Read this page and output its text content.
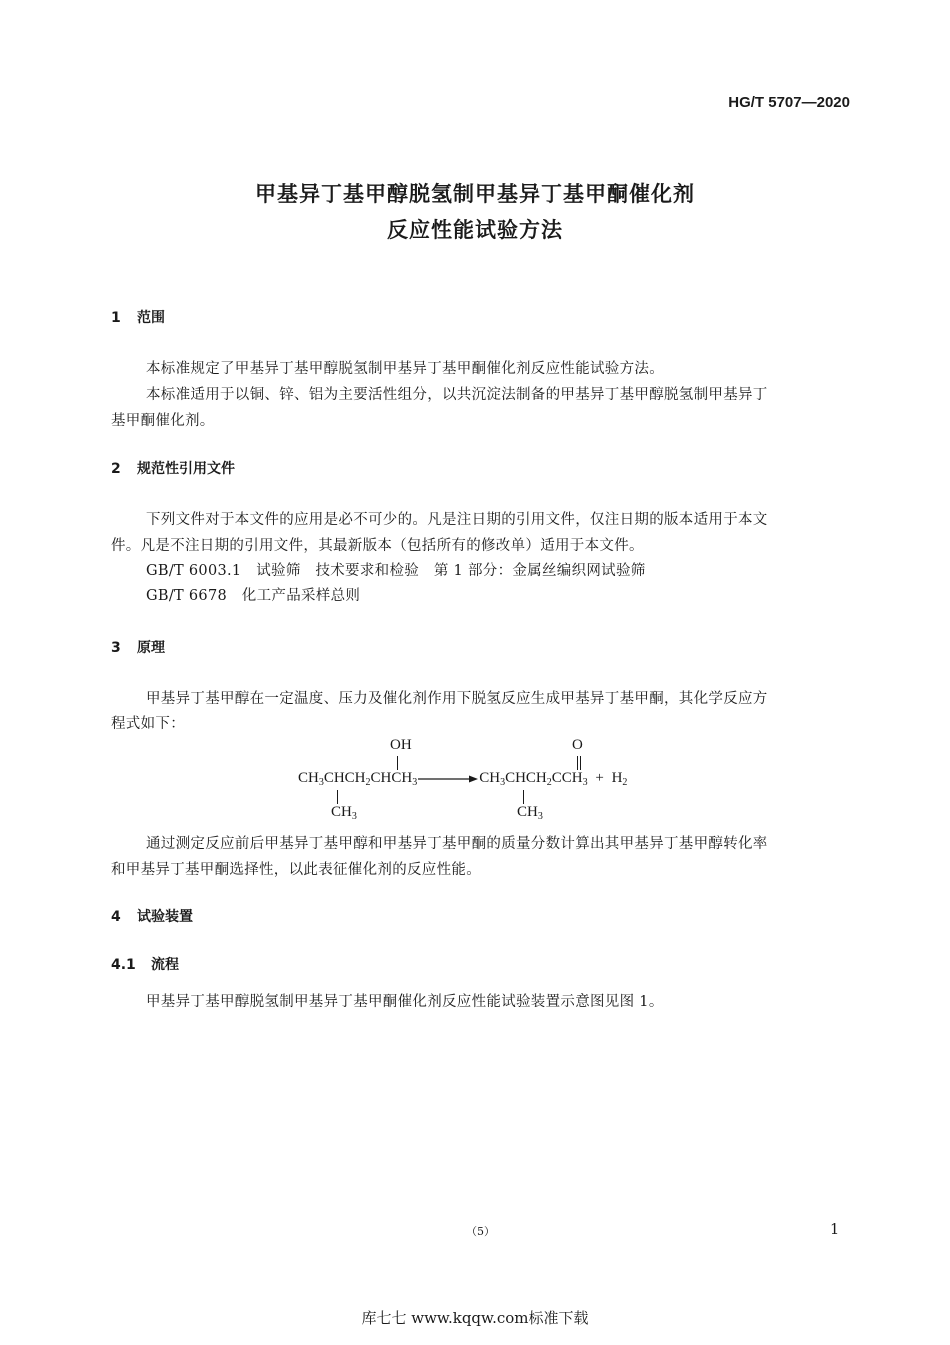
HG/T 5707—2020
甲基异丁基甲醇脱氢制甲基异丁基甲酮催化剂
反应性能试验方法
1 范围
本标准规定了甲基异丁基甲醇脱氢制甲基异丁基甲酮催化剂反应性能试验方法。
本标准适用于以铜、锌、铝为主要活性组分，以共沉淀法制备的甲基异丁基甲醇脱氢制甲基异丁
基甲酮催化剂。
2 规范性引用文件
下列文件对于本文件的应用是必不可少的。凡是注日期的引用文件，仅注日期的版本适用于本文
件。凡是不注日期的引用文件，其最新版本（包括所有的修改单）适用于本文件。
GB/T 6003.1　试验筛　技术要求和检验　第 1 部分：金属丝编织网试验筛
GB/T 6678　化工产品采样总则
3 原理
甲基异丁基甲醇在一定温度、压力及催化剂作用下脱氢反应生成甲基异丁基甲酮，其化学反应方
程式如下：
OH	O
$CH_3CHCH_2CHCH_3\to CH_3CHCH_2CCH_3 + H_2$
$CH_3$	$CH_3$
通过测定反应前后甲基异丁基甲醇和甲基异丁基甲酮的质量分数计算出其甲基异丁基甲醇转化率
和甲基异丁基甲酮选择性，以此表征催化剂的反应性能。
4 试验装置
4.1 流程
甲基异丁基甲醇脱氢制甲基异丁基甲酮催化剂反应性能试验装置示意图见图 1。
（5）	1
库七七 www.kqqw.com标准下载
